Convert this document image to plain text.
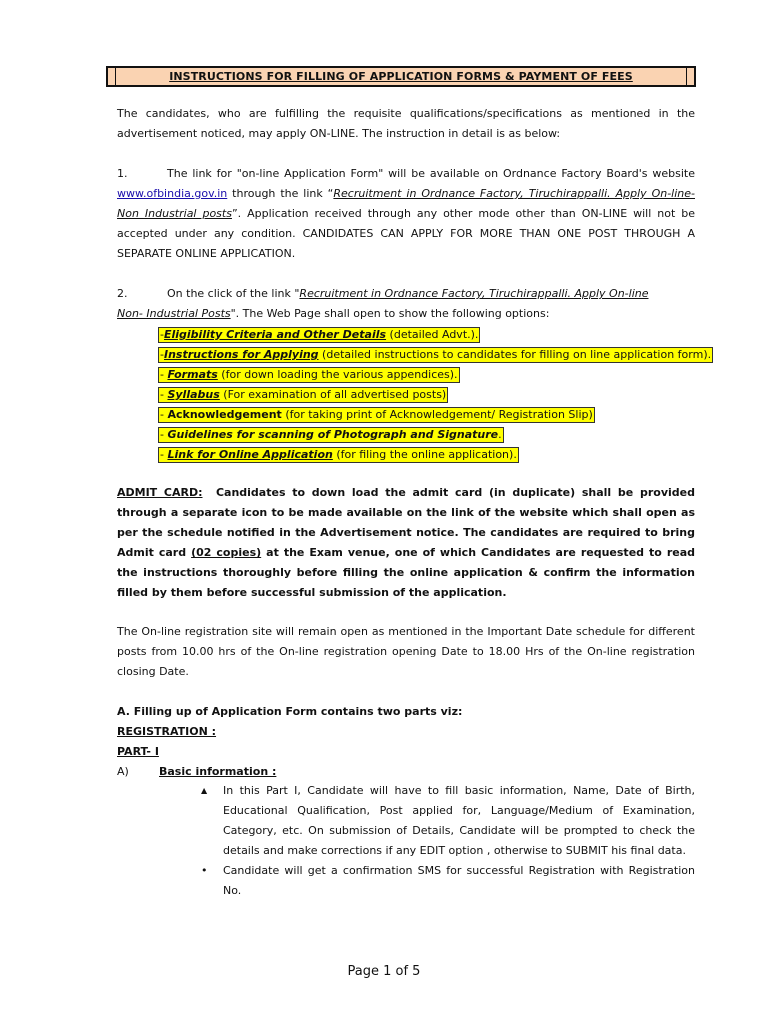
INSTRUCTIONS FOR FILLING OF APPLICATION FORMS & PAYMENT OF FEES
The candidates, who are fulfilling the requisite qualifications/specifications as mentioned in the advertisement noticed, may apply ON-LINE. The instruction in detail is as below:
1.	The link for "on-line Application Form" will be available on Ordnance Factory Board's website www.ofbindia.gov.in through the link “Recruitment in Ordnance Factory, Tiruchirappalli. Apply On-line- Non Industrial posts”. Application received through any other mode other than ON-LINE will not be accepted under any condition. CANDIDATES CAN APPLY FOR MORE THAN ONE POST THROUGH A SEPARATE ONLINE APPLICATION.
2.	On the click of the link "Recruitment in Ordnance Factory, Tiruchirappalli. Apply On-line
Non- Industrial Posts". The Web Page shall open to show the following options:
-Eligibility Criteria and Other Details (detailed Advt.).
-Instructions for Applying (detailed instructions to candidates for filling on line application form).
- Formats (for down loading the various appendices).
- Syllabus (For examination of all advertised posts)
- Acknowledgement (for taking print of Acknowledgement/ Registration Slip)
- Guidelines for scanning of Photograph and Signature.
- Link for Online Application (for filing the online application).
ADMIT CARD: Candidates to down load the admit card (in duplicate) shall be provided through a separate icon to be made available on the link of the website which shall open as per the schedule notified in the Advertisement notice. The candidates are required to bring Admit card (02 copies) at the Exam venue, one of which Candidates are requested to read the instructions thoroughly before filling the online application & confirm the information filled by them before successful submission of the application.
The On-line registration site will remain open as mentioned in the Important Date schedule for different posts from 10.00 hrs of the On-line registration opening Date to 18.00 Hrs of the On-line registration closing Date.
A. Filling up of Application Form contains two parts viz:
REGISTRATION :
PART- I
A)	Basic information :
▲ In this Part I, Candidate will have to fill basic information, Name, Date of Birth, Educational Qualification, Post applied for, Language/Medium of Examination, Category, etc. On submission of Details, Candidate will be prompted to check the details and make corrections if any EDIT option , otherwise to SUBMIT his final data.
• Candidate will get a confirmation SMS for successful Registration with Registration No.
Page 1 of 5
